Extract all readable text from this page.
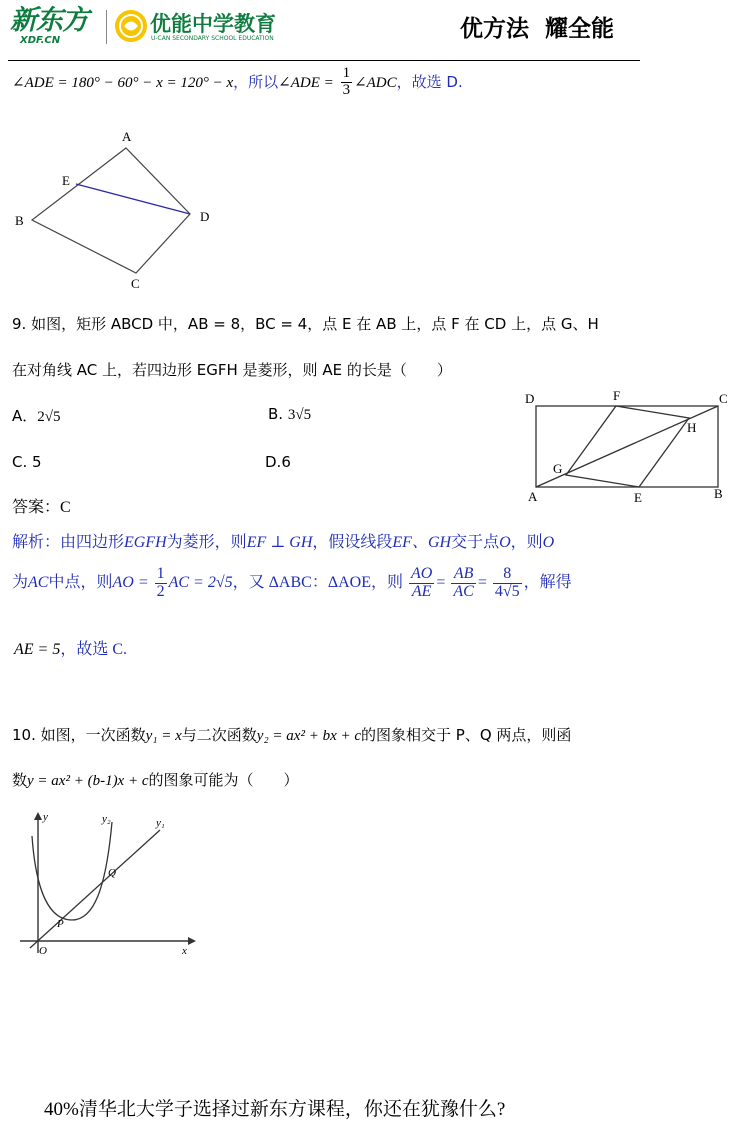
新东方
XDF.CN
优能中学教育
U-CAN SECONDARY SCHOOL EDUCATION	优方法  耀全能
∠ADE = 180° − 60° − x = 120° − x，所以∠ADE = $\frac{1}{3}$ ∠ADC，故选 D.
A
E
B	D
C
9. 如图，矩形 ABCD 中，AB = 8，BC = 4，点 E 在 AB 上，点 F 在 CD 上，点 G、H
在对角线 AC 上，若四边形 EGFH 是菱形，则 AE 的长是（　　）
A．2√5	B. 3√5
C. 5	D.6
答案：C
D	F	C
H
G
A	E	B
解析：由四边形EGFH为菱形，则EF ⊥ GH，假设线段EF、GH交于点O，则O
为AC中点，则AO = $\frac{1}{2}$ AC = 2√5，又 ΔABC：ΔAOE，则 $\frac{AO}{AE} = \frac{AB}{AC} = \frac{8}{4√5}$ ，解得
AE = 5，故选 C.
10. 如图，一次函数y₁ = x与二次函数y₂ = ax² + bx + c的图象相交于 P、Q 两点，则函
数y = ax² + (b-1)x + c的图象可能为（　　）
y	y₂	y₁
Q
P
O	x
40%清华北大学子选择过新东方课程，你还在犹豫什么?
